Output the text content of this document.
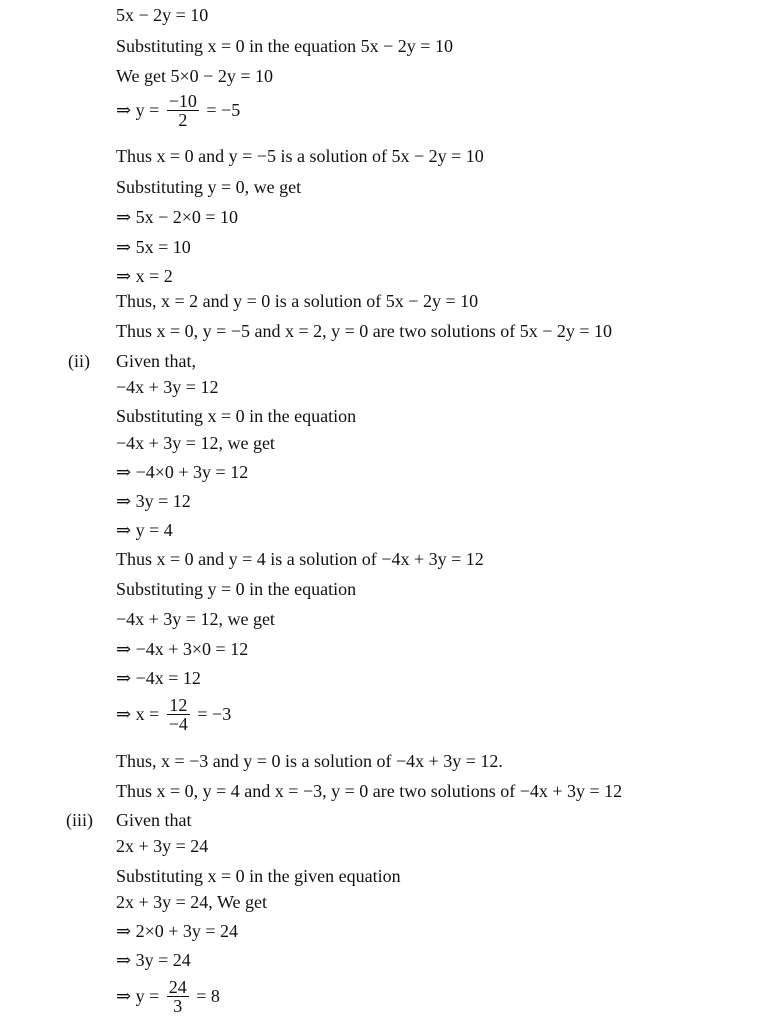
5x − 2y = 10
Substituting x = 0 in the equation 5x − 2y = 10
We get 5×0 − 2y = 10
⇒ $y = \frac{-10}{2} = -5$
Thus x = 0 and y = −5 is a solution of 5x − 2y = 10
Substituting y = 0, we get
⇒ 5x − 2×0 = 10
⇒ 5x = 10
⇒ x = 2
Thus, x = 2 and y = 0 is a solution of 5x − 2y = 10
Thus x = 0, y = −5 and x = 2, y = 0 are two solutions of 5x − 2y = 10
(ii) Given that,
−4x + 3y = 12
Substituting x = 0 in the equation
−4x + 3y = 12, we get
⇒ −4×0 + 3y = 12
⇒ 3y = 12
⇒ y = 4
Thus x = 0 and y = 4 is a solution of −4x + 3y = 12
Substituting y = 0 in the equation
−4x + 3y = 12, we get
⇒ −4x + 3×0 = 12
⇒ −4x = 12
⇒ $x = \frac{12}{-4} = -3$
Thus, x = −3 and y = 0 is a solution of −4x + 3y = 12.
Thus x = 0, y = 4 and x = −3, y = 0 are two solutions of −4x + 3y = 12
(iii) Given that
2x + 3y = 24
Substituting x = 0 in the given equation
2x + 3y = 24, We get
⇒ 2×0 + 3y = 24
⇒ 3y = 24
⇒ $y = \frac{24}{3} = 8$
